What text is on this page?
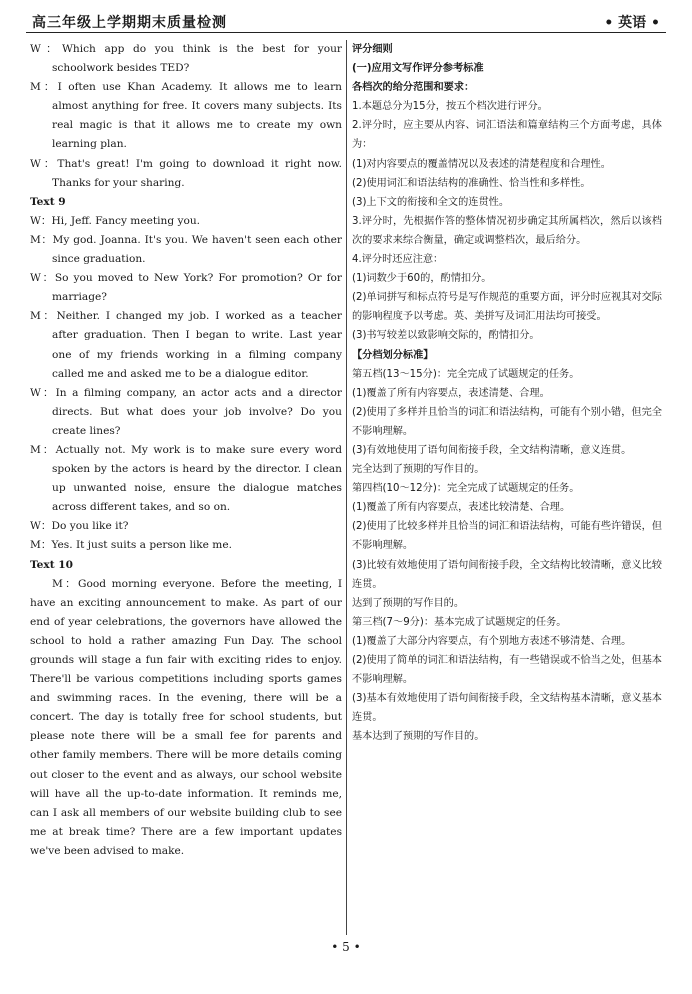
高三年级上学期期末质量检测	• 英语 •

W：Which app do you think is the best for your schoolwork besides TED?

M：I often use Khan Academy. It allows me to learn almost anything for free. It covers many subjects. Its real magic is that it allows me to create my own learning plan.

W：That's great! I'm going to download it right now. Thanks for your sharing.

Text 9

W：Hi, Jeff. Fancy meeting you.

M：My god. Joanna. It's you. We haven't seen each other since graduation.

W：So you moved to New York? For promotion? Or for marriage?

M：Neither. I changed my job. I worked as a teacher after graduation. Then I began to write. Last year one of my friends working in a filming company called me and asked me to be a dialogue editor.

W：In a filming company, an actor acts and a director directs. But what does your job involve? Do you create lines?

M：Actually not. My work is to make sure every word spoken by the actors is heard by the director. I clean up unwanted noise, ensure the dialogue matches across different takes, and so on.

W：Do you like it?

M：Yes. It just suits a person like me.

Text 10

M：Good morning everyone. Before the meeting, I have an exciting announcement to make. As part of our end of year celebrations, the governors have allowed the school to hold a rather amazing Fun Day. The school grounds will stage a fun fair with exciting rides to enjoy. There'll be various competitions including sports games and swimming races. In the evening, there will be a concert. The day is totally free for school students, but please note there will be a small fee for parents and other family members. There will be more details coming out closer to the event and as always, our school website will have all the up-to-date information. It reminds me, can I ask all members of our website building club to see me at break time? There are a few important updates we've been advised to make.

评分细则

(一)应用文写作评分参考标准

各档次的给分范围和要求：

1.本题总分为15分，按五个档次进行评分。

2.评分时，应主要从内容、词汇语法和篇章结构三个方面考虑，具体为：

(1)对内容要点的覆盖情况以及表述的清楚程度和合理性。

(2)使用词汇和语法结构的准确性、恰当性和多样性。

(3)上下文的衔接和全文的连贯性。

3.评分时，先根据作答的整体情况初步确定其所属档次，然后以该档次的要求来综合衡量，确定或调整档次，最后给分。

4.评分时还应注意：

(1)词数少于60的，酌情扣分。

(2)单词拼写和标点符号是写作规范的重要方面，评分时应视其对交际的影响程度予以考虑。英、美拼写及词汇用法均可接受。

(3)书写较差以致影响交际的，酌情扣分。

【分档划分标准】

第五档(13～15分)：完全完成了试题规定的任务。

(1)覆盖了所有内容要点，表述清楚、合理。

(2)使用了多样并且恰当的词汇和语法结构，可能有个别小错，但完全不影响理解。

(3)有效地使用了语句间衔接手段，全文结构清晰，意义连贯。

完全达到了预期的写作目的。

第四档(10～12分)：完全完成了试题规定的任务。

(1)覆盖了所有内容要点，表述比较清楚、合理。

(2)使用了比较多样并且恰当的词汇和语法结构，可能有些许错误，但不影响理解。

(3)比较有效地使用了语句间衔接手段，全文结构比较清晰，意义比较连贯。

达到了预期的写作目的。

第三档(7～9分)：基本完成了试题规定的任务。

(1)覆盖了大部分内容要点，有个别地方表述不够清楚、合理。

(2)使用了简单的词汇和语法结构，有一些错误或不恰当之处，但基本不影响理解。

(3)基本有效地使用了语句间衔接手段，全文结构基本清晰，意义基本连贯。

基本达到了预期的写作目的。

• 5 •
